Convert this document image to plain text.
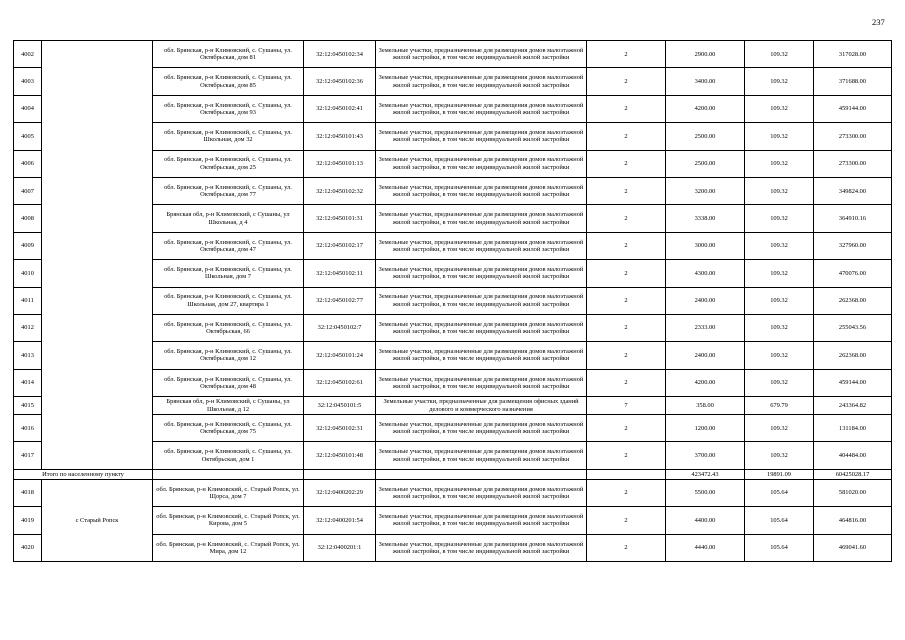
237
4002		обл. Брянская, р-н Климовский, с. Сушаны, ул. Октябрьская, дом 81	32:12:0450102:34	Земельные участки, предназначенные для размещения домов малоэтажной жилой застройки, в том числе индивидуальной жилой застройки	2	2900.00	109.32	317028.00
4003		обл. Брянская, р-н Климовский, с. Сушаны, ул. Октябрьская, дом 85	32:12:0450102:36	Земельные участки, предназначенные для размещения домов малоэтажной жилой застройки, в том числе индивидуальной жилой застройки	2	3400.00	109.32	371688.00
4004		обл. Брянская, р-н Климовский, с. Сушаны, ул. Октябрьская, дом 93	32:12:0450102:41	Земельные участки, предназначенные для размещения домов малоэтажной жилой застройки, в том числе индивидуальной жилой застройки	2	4200.00	109.32	459144.00
4005		обл. Брянская, р-н Климовский, с. Сушаны, ул. Школьная, дом 32	32:12:0450101:43	Земельные участки, предназначенные для размещения домов малоэтажной жилой застройки, в том числе индивидуальной жилой застройки	2	2500.00	109.32	273300.00
4006		обл. Брянская, р-н Климовский, с. Сушаны, ул. Октябрьская, дом 25	32:12:0450101:13	Земельные участки, предназначенные для размещения домов малоэтажной жилой застройки, в том числе индивидуальной жилой застройки	2	2500.00	109.32	273300.00
4007		обл. Брянская, р-н Климовский, с. Сушаны, ул. Октябрьская, дом 77	32:12:0450102:32	Земельные участки, предназначенные для размещения домов малоэтажной жилой застройки, в том числе индивидуальной жилой застройки	2	3200.00	109.32	349824.00
4008		Брянская обл, р-н Климовский, с Сушаны, ул Школьная, д 4	32:12:0450101:31	Земельные участки, предназначенные для размещения домов малоэтажной жилой застройки, в том числе индивидуальной жилой застройки	2	3338.00	109.32	364910.16
4009		обл. Брянская, р-н Климовский, с. Сушаны, ул. Октябрьская, дом 47	32:12:0450102:17	Земельные участки, предназначенные для размещения домов малоэтажной жилой застройки, в том числе индивидуальной жилой застройки	2	3000.00	109.32	327960.00
4010		обл. Брянская, р-н Климовский, с. Сушаны, ул. Школьная, дом 7	32:12:0450102:11	Земельные участки, предназначенные для размещения домов малоэтажной жилой застройки, в том числе индивидуальной жилой застройки	2	4300.00	109.32	470076.00
4011		обл. Брянская, р-н Климовский, с. Сушаны, ул. Школьная, дом 27, квартира 1	32:12:0450102:77	Земельные участки, предназначенные для размещения домов малоэтажной жилой застройки, в том числе индивидуальной жилой застройки	2	2400.00	109.32	262368.00
4012		обл. Брянская, р-н Климовский, с. Сушаны, ул. Октябрьская, 66	32:12:0450102:7	Земельные участки, предназначенные для размещения домов малоэтажной жилой застройки, в том числе индивидуальной жилой застройки	2	2333.00	109.32	255043.56
4013		обл. Брянская, р-н Климовский, с. Сушаны, ул. Октябрьская, дом 12	32:12:0450101:24	Земельные участки, предназначенные для размещения домов малоэтажной жилой застройки, в том числе индивидуальной жилой застройки	2	2400.00	109.32	262368.00
4014		обл. Брянская, р-н Климовский, с. Сушаны, ул. Октябрьская, дом 48	32:12:0450102:61	Земельные участки, предназначенные для размещения домов малоэтажной жилой застройки, в том числе индивидуальной жилой застройки	2	4200.00	109.32	459144.00
4015		Брянская обл, р-н Климовский, с Сушаны, ул Школьная, д 12	32:12:0450101:5	Земельные участки, предназначенные для размещения офисных зданий делового и коммерческого назначения	7	358.00	679.79	243364.82
4016		обл. Брянская, р-н Климовский, с. Сушаны, ул. Октябрьская, дом 75	32:12:0450102:31	Земельные участки, предназначенные для размещения домов малоэтажной жилой застройки, в том числе индивидуальной жилой застройки	2	1200.00	109.32	131184.00
4017		обл. Брянская, р-н Климовский, с. Сушаны, ул. Октябрьская, дом 1	32:12:0450101:48	Земельные участки, предназначенные для размещения домов малоэтажной жилой застройки, в том числе индивидуальной жилой застройки	2	3700.00	109.32	404484.00
Итого по населенному пункту						423472.43	19891.09	60425028.17
4018	с Старый Ропск	обл. Брянская, р-н Климовский, с. Старый Ропск, ул. Щорса, дом 7	32:12:0400202:29	Земельные участки, предназначенные для размещения домов малоэтажной жилой застройки, в том числе индивидуальной жилой застройки	2	5500.00	105.64	581020.00
4019		обл. Брянская, р-н Климовский, с. Старый Ропск, ул. Кирова, дом 5	32:12:0400201:54	Земельные участки, предназначенные для размещения домов малоэтажной жилой застройки, в том числе индивидуальной жилой застройки	2	4400.00	105.64	464816.00
4020		обл. Брянская, р-н Климовский, с. Старый Ропск, ул. Мира, дом 12	32:12:0400201:1	Земельные участки, предназначенные для размещения домов малоэтажной жилой застройки, в том числе индивидуальной жилой застройки	2	4440.00	105.64	469041.60
